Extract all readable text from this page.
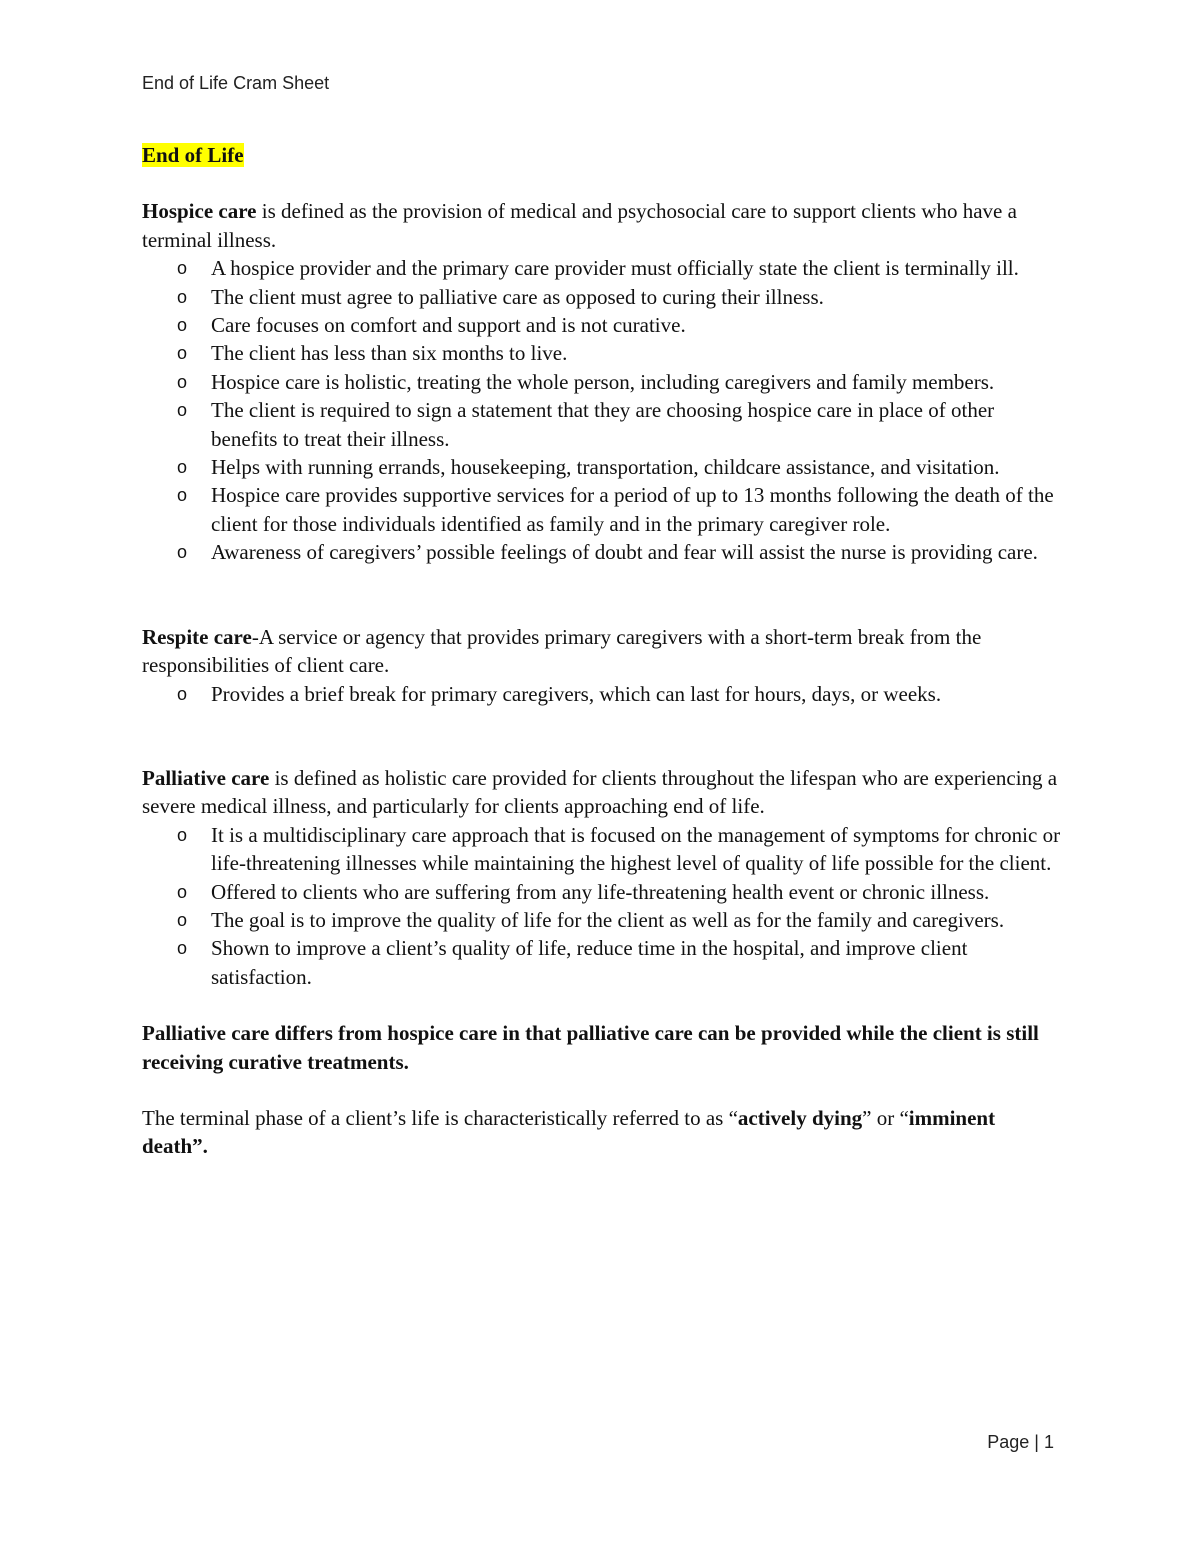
End of Life Cram Sheet

End of Life

Hospice care is defined as the provision of medical and psychosocial care to support clients who have a terminal illness.

o A hospice provider and the primary care provider must officially state the client is terminally ill.
o The client must agree to palliative care as opposed to curing their illness.
o Care focuses on comfort and support and is not curative.
o The client has less than six months to live.
o Hospice care is holistic, treating the whole person, including caregivers and family members.
o The client is required to sign a statement that they are choosing hospice care in place of other benefits to treat their illness.
o Helps with running errands, housekeeping, transportation, childcare assistance, and visitation.
o Hospice care provides supportive services for a period of up to 13 months following the death of the client for those individuals identified as family and in the primary caregiver role.
o Awareness of caregivers’ possible feelings of doubt and fear will assist the nurse is providing care.

Respite care-A service or agency that provides primary caregivers with a short-term break from the responsibilities of client care.

o Provides a brief break for primary caregivers, which can last for hours, days, or weeks.

Palliative care is defined as holistic care provided for clients throughout the lifespan who are experiencing a severe medical illness, and particularly for clients approaching end of life.

o It is a multidisciplinary care approach that is focused on the management of symptoms for chronic or life-threatening illnesses while maintaining the highest level of quality of life possible for the client.
o Offered to clients who are suffering from any life-threatening health event or chronic illness.
o The goal is to improve the quality of life for the client as well as for the family and caregivers.
o Shown to improve a client’s quality of life, reduce time in the hospital, and improve client satisfaction.

Palliative care differs from hospice care in that palliative care can be provided while the client is still receiving curative treatments.

The terminal phase of a client’s life is characteristically referred to as “actively dying” or “imminent death”.

Page | 1
